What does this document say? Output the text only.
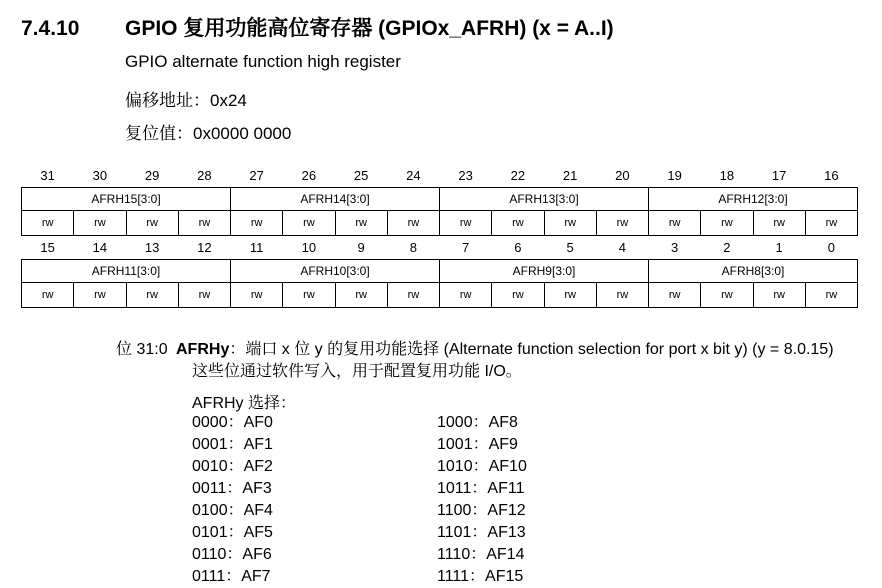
7.4.10 GPIO 复用功能高位寄存器 (GPIOx_AFRH) (x = A..I)
GPIO alternate function high register
偏移地址：0x24
复位值：0x0000 0000
31	30	29	28	27	26	25	24	23	22	21	20	19	18	17	16
AFRH15[3:0]				AFRH14[3:0]				AFRH13[3:0]				AFRH12[3:0]			
rw	rw	rw	rw	rw	rw	rw	rw	rw	rw	rw	rw	rw	rw	rw	rw
15	14	13	12	11	10	9	8	7	6	5	4	3	2	1	0
AFRH11[3:0]				AFRH10[3:0]				AFRH9[3:0]				AFRH8[3:0]			
rw	rw	rw	rw	rw	rw	rw	rw	rw	rw	rw	rw	rw	rw	rw	rw
位 31:0 AFRHy：端口 x 位 y 的复用功能选择 (Alternate function selection for port x bit y) (y = 8.0.15)
这些位通过软件写入，用于配置复用功能 I/O。
AFRHy 选择：
0000：AF0
0001：AF1
0010：AF2
0011：AF3
0100：AF4
0101：AF5
0110：AF6
0111：AF7
1000：AF8
1001：AF9
1010：AF10
1011：AF11
1100：AF12
1101：AF13
1110：AF14
1111：AF15
